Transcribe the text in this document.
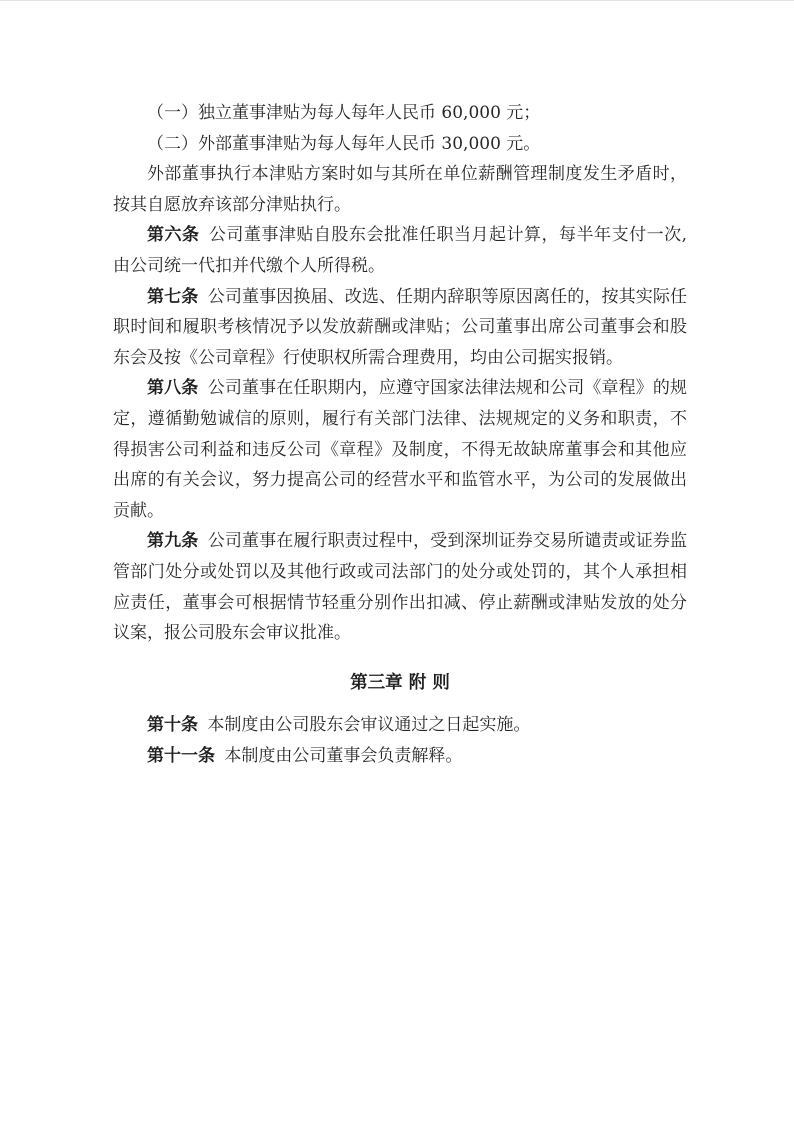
（一）独立董事津贴为每人每年人民币 60,000 元；

（二）外部董事津贴为每人每年人民币 30,000 元。

外部董事执行本津贴方案时如与其所在单位薪酬管理制度发生矛盾时，按其自愿放弃该部分津贴执行。

第六条 公司董事津贴自股东会批准任职当月起计算，每半年支付一次,由公司统一代扣并代缴个人所得税。

第七条 公司董事因换届、改选、任期内辞职等原因离任的，按其实际任职时间和履职考核情况予以发放薪酬或津贴；公司董事出席公司董事会和股东会及按《公司章程》行使职权所需合理费用，均由公司据实报销。

第八条 公司董事在任职期内，应遵守国家法律法规和公司《章程》的规定，遵循勤勉诚信的原则，履行有关部门法律、法规规定的义务和职责，不得损害公司利益和违反公司《章程》及制度，不得无故缺席董事会和其他应出席的有关会议，努力提高公司的经营水平和监管水平，为公司的发展做出贡献。

第九条 公司董事在履行职责过程中，受到深圳证券交易所谴责或证券监管部门处分或处罚以及其他行政或司法部门的处分或处罚的，其个人承担相应责任，董事会可根据情节轻重分别作出扣减、停止薪酬或津贴发放的处分议案，报公司股东会审议批准。

第三章 附 则

第十条 本制度由公司股东会审议通过之日起实施。

第十一条 本制度由公司董事会负责解释。
